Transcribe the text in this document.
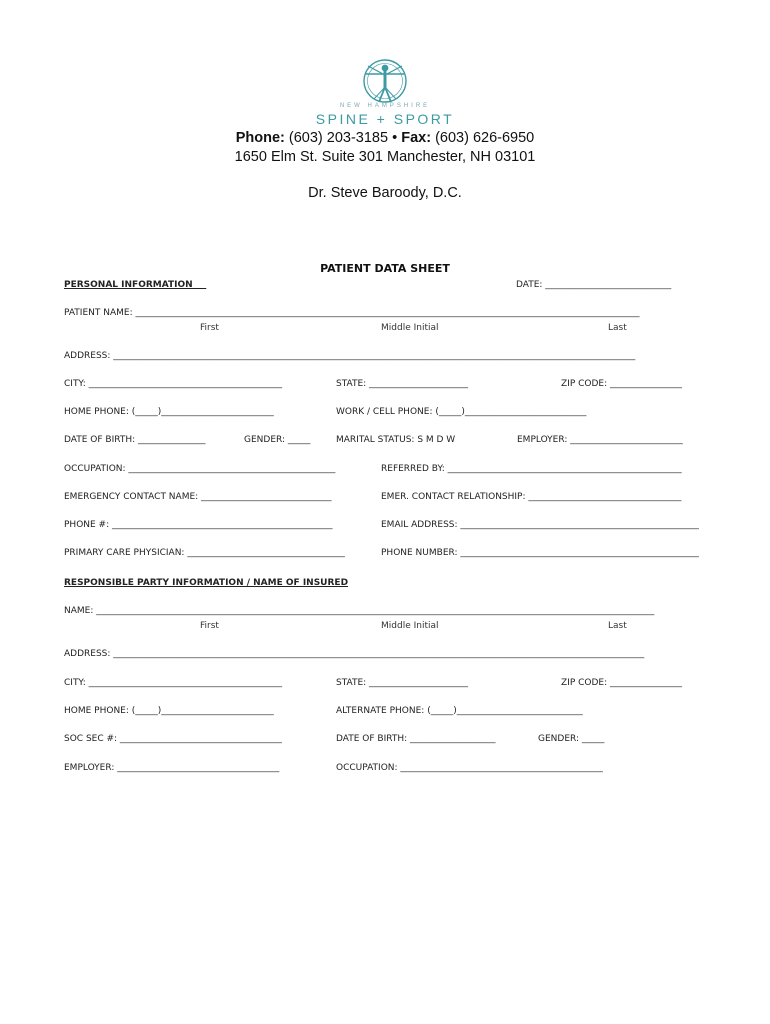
NEW HAMPSHIRE
SPINE + SPORT
Phone: (603) 203-3185 • Fax: (603) 626-6950
1650 Elm St. Suite 301 Manchester, NH 03101
Dr. Steve Baroody, D.C.
PATIENT DATA SHEET
PERSONAL INFORMATION___	DATE: ____________________________
PATIENT NAME: ________________________________________________________________________________________________________________
First	Middle Initial	Last
ADDRESS: ____________________________________________________________________________________________________________________
CITY: ___________________________________________	STATE: ______________________	ZIP CODE: ________________
HOME PHONE: (_____)_________________________	WORK / CELL PHONE: (_____)___________________________
DATE OF BIRTH: _______________	GENDER: _____	MARITAL STATUS: S M D W	EMPLOYER: _________________________
OCCUPATION: ______________________________________________	REFERRED BY: ____________________________________________________
EMERGENCY CONTACT NAME: _____________________________	EMER. CONTACT RELATIONSHIP: __________________________________
PHONE #: _________________________________________________	EMAIL ADDRESS: _____________________________________________________
PRIMARY CARE PHYSICIAN: ___________________________________	PHONE NUMBER: _____________________________________________________
RESPONSIBLE PARTY INFORMATION / NAME OF INSURED
NAME: ____________________________________________________________________________________________________________________________
First	Middle Initial	Last
ADDRESS: ______________________________________________________________________________________________________________________
CITY: ___________________________________________	STATE: ______________________	ZIP CODE: ________________
HOME PHONE: (_____)_________________________	ALTERNATE PHONE: (_____)____________________________
SOC SEC #: ____________________________________	DATE OF BIRTH: ___________________	GENDER: _____
EMPLOYER: ____________________________________	OCCUPATION: _____________________________________________
